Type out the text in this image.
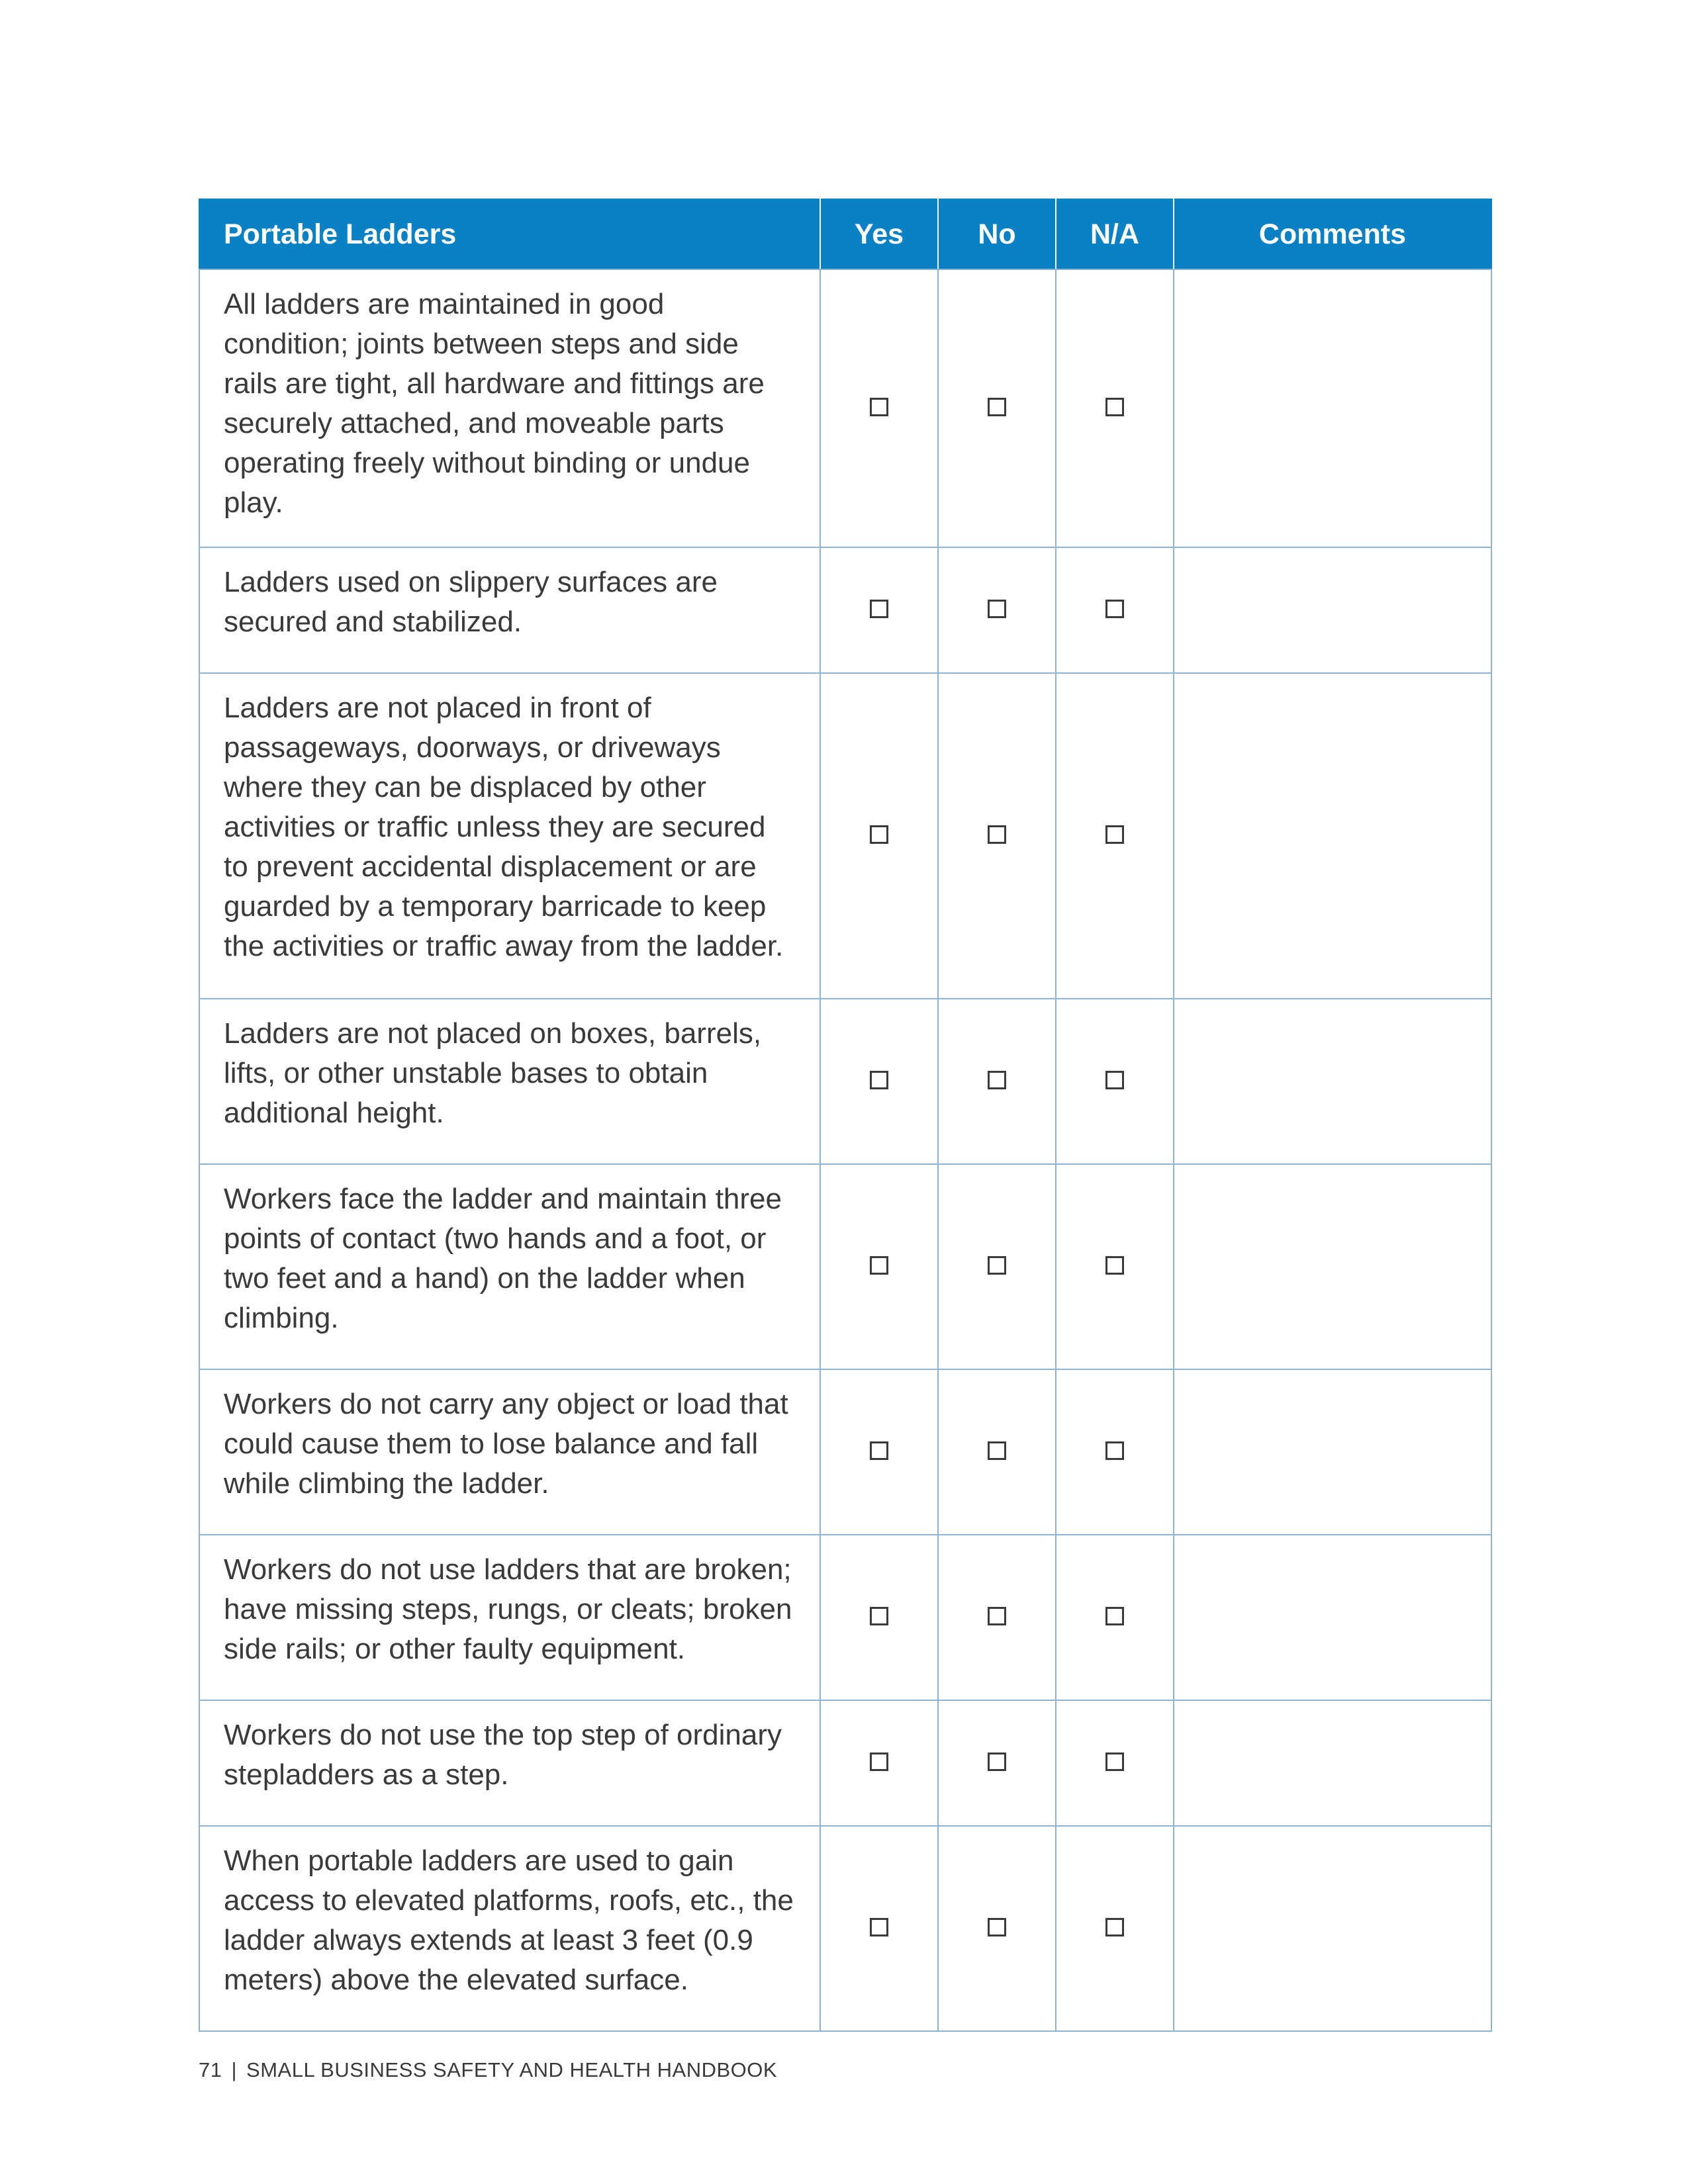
Portable Ladders	Yes	No	N/A	Comments
All ladders are maintained in good condition; joints between steps and side rails are tight, all hardware and fittings are securely attached, and moveable parts operating freely without binding or undue play.				
Ladders used on slippery surfaces are secured and stabilized.				
Ladders are not placed in front of passageways, doorways, or driveways where they can be displaced by other activities or traffic unless they are secured to prevent accidental displacement or are guarded by a temporary barricade to keep the activities or traffic away from the ladder.				
Ladders are not placed on boxes, barrels, lifts, or other unstable bases to obtain additional height.				
Workers face the ladder and maintain three points of contact (two hands and a foot, or two feet and a hand) on the ladder when climbing.				
Workers do not carry any object or load that could cause them to lose balance and fall while climbing the ladder.				
Workers do not use ladders that are broken; have missing steps, rungs, or cleats; broken side rails; or other faulty equipment.				
Workers do not use the top step of ordinary stepladders as a step.				
When portable ladders are used to gain access to elevated platforms, roofs, etc., the ladder always extends at least 3 feet (0.9 meters) above the elevated surface.				
71 | SMALL BUSINESS SAFETY AND HEALTH HANDBOOK
